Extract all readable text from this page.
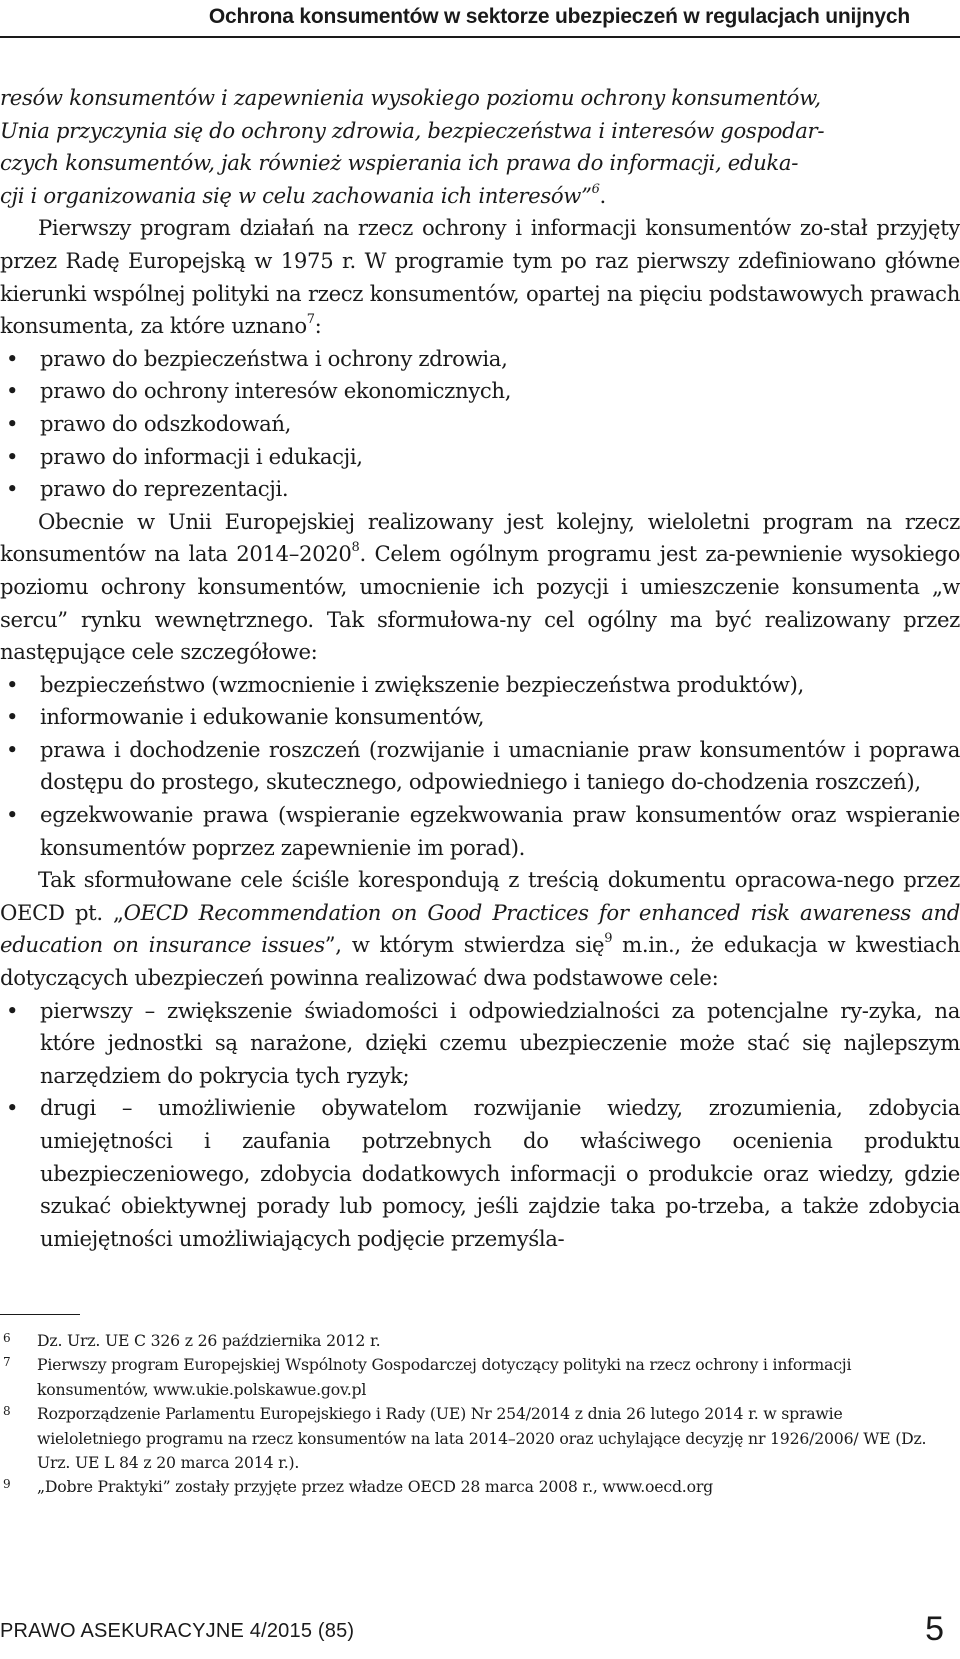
Ochrona konsumentów w sektorze ubezpieczeń w regulacjach unijnych

resów konsumentów i zapewnienia wysokiego poziomu ochrony konsumentów,
Unia przyczynia się do ochrony zdrowia, bezpieczeństwa i interesów gospodar-
czych konsumentów, jak również wspierania ich prawa do informacji, eduka-
cji i organizowania się w celu zachowania ich interesów”$^6$.

Pierwszy program działań na rzecz ochrony i informacji konsumentów zo-stał przyjęty przez Radę Europejską w 1975 r. W programie tym po raz pierwszy zdefiniowano główne kierunki wspólnej polityki na rzecz konsumentów, opartej na pięciu podstawowych prawach konsumenta, za które uznano$^7$:

• prawo do bezpieczeństwa i ochrony zdrowia,

• prawo do ochrony interesów ekonomicznych,

• prawo do odszkodowań,

• prawo do informacji i edukacji,

• prawo do reprezentacji.

Obecnie w Unii Europejskiej realizowany jest kolejny, wieloletni program na rzecz konsumentów na lata 2014–2020$^8$. Celem ogólnym programu jest za-pewnienie wysokiego poziomu ochrony konsumentów, umocnienie ich pozycji i umieszczenie konsumenta „w sercu” rynku wewnętrznego. Tak sformułowa-ny cel ogólny ma być realizowany przez następujące cele szczegółowe:

• bezpieczeństwo (wzmocnienie i zwiększenie bezpieczeństwa produktów),

• informowanie i edukowanie konsumentów,

• prawa i dochodzenie roszczeń (rozwijanie i umacnianie praw konsumentów i poprawa dostępu do prostego, skutecznego, odpowiedniego i taniego do-chodzenia roszczeń),

• egzekwowanie prawa (wspieranie egzekwowania praw konsumentów oraz wspieranie konsumentów poprzez zapewnienie im porad).

Tak sformułowane cele ściśle korespondują z treścią dokumentu opracowa-nego przez OECD pt. „OECD Recommendation on Good Practices for enhanced risk awareness and education on insurance issues”, w którym stwierdza się$^9$ m.in., że edukacja w kwestiach dotyczących ubezpieczeń powinna realizować dwa podstawowe cele:

• pierwszy – zwiększenie świadomości i odpowiedzialności za potencjalne ry-zyka, na które jednostki są narażone, dzięki czemu ubezpieczenie może stać się najlepszym narzędziem do pokrycia tych ryzyk;

• drugi – umożliwienie obywatelom rozwijanie wiedzy, zrozumienia, zdobycia umiejętności i zaufania potrzebnych do właściwego ocenienia produktu ubezpieczeniowego, zdobycia dodatkowych informacji o produkcie oraz wiedzy, gdzie szukać obiektywnej porady lub pomocy, jeśli zajdzie taka po-trzeba, a także zdobycia umiejętności umożliwiających podjęcie przemyśla-

6 Dz. Urz. UE C 326 z 26 października 2012 r.
7 Pierwszy program Europejskiej Wspólnoty Gospodarczej dotyczący polityki na rzecz ochrony i informacji konsumentów, www.ukie.polskawue.gov.pl
8 Rozporządzenie Parlamentu Europejskiego i Rady (UE) Nr 254/2014 z dnia 26 lutego 2014 r. w sprawie wieloletniego programu na rzecz konsumentów na lata 2014–2020 oraz uchylające decyzję nr 1926/2006/ WE (Dz. Urz. UE L 84 z 20 marca 2014 r.).
9 „Dobre Praktyki” zostały przyjęte przez władze OECD 28 marca 2008 r., www.oecd.org
PRAWO ASEKURACYJNE 4/2015 (85)	5
